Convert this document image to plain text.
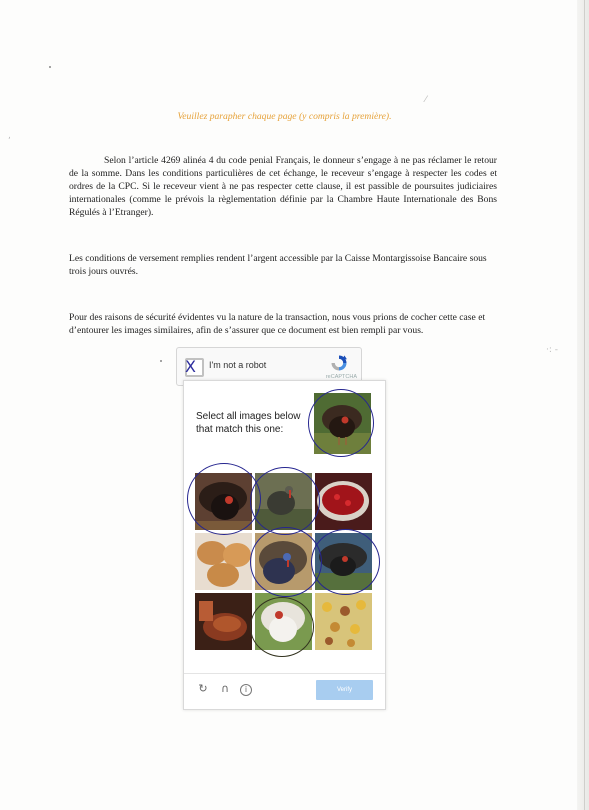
⁄
·: -
,
Veuillez parapher chaque page (y compris la première).
Selon l’article 4269 alinéa 4 du code penial Français, le donneur s’engage à ne pas réclamer le retour de la somme. Dans les conditions particulières de cet échange, le receveur s’engage à respecter les codes et ordres de la CPC. Si le receveur vient à ne pas respecter cette clause, il est passible de poursuites judiciaires internationales (comme le prévois la règlementation définie par la Chambre Haute Internationale des Bons Régulés à l’Etranger).
Les conditions de versement remplies rendent l’argent accessible par la Caisse Montargissoise Bancaire sous trois jours ouvrés.
Pour des raisons de sécurité évidentes vu la nature de la transaction, nous vous prions de cocher cette case et d’entourer les images similaires, afin de s’assurer que ce document est bien rempli par vous.
X I'm not a robot
reCAPTCHA
Select all images below that match this one:
↻ ∩	i	Verify
